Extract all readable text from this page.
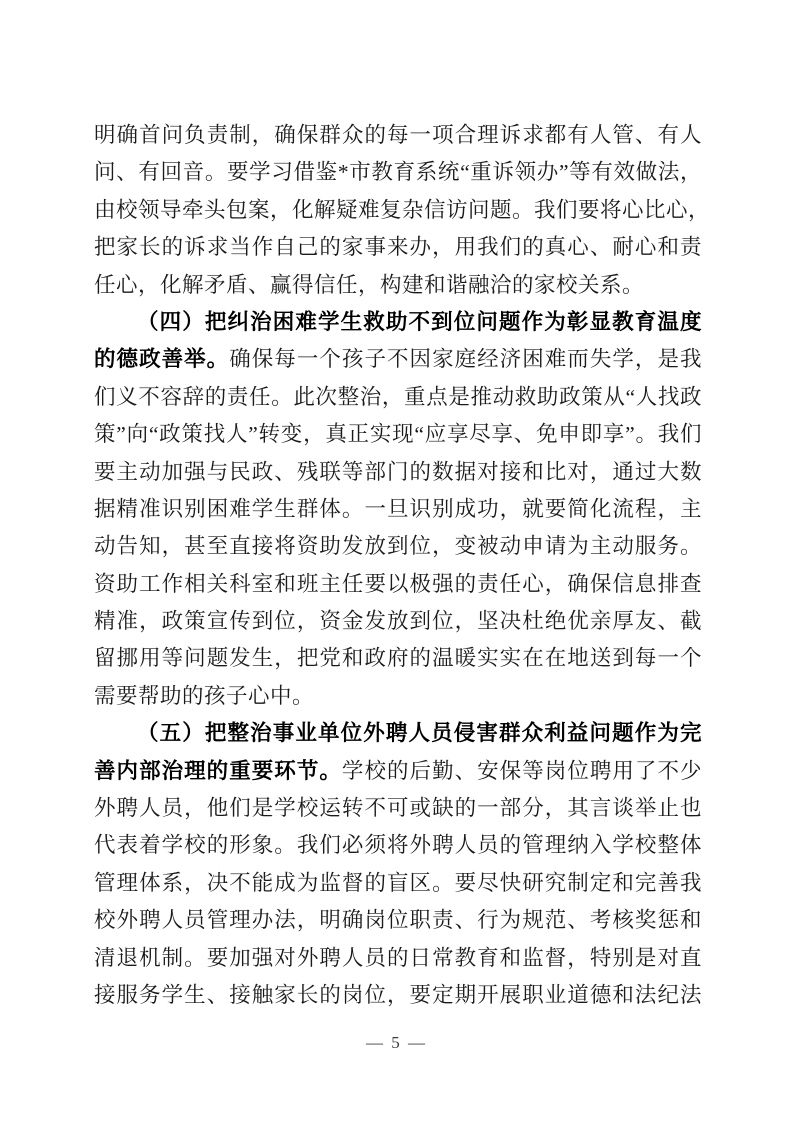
明确首问负责制，确保群众的每一项合理诉求都有人管、有人
问、有回音。要学习借鉴*市教育系统“重诉领办”等有效做法，
由校领导牵头包案，化解疑难复杂信访问题。我们要将心比心，
把家长的诉求当作自己的家事来办，用我们的真心、耐心和责
任心，化解矛盾、赢得信任，构建和谐融洽的家校关系。
（四）把纠治困难学生救助不到位问题作为彰显教育温度
的德政善举。确保每一个孩子不因家庭经济困难而失学，是我
们义不容辞的责任。此次整治，重点是推动救助政策从“人找政
策”向“政策找人”转变，真正实现“应享尽享、免申即享”。我们
要主动加强与民政、残联等部门的数据对接和比对，通过大数
据精准识别困难学生群体。一旦识别成功，就要简化流程，主
动告知，甚至直接将资助发放到位，变被动申请为主动服务。
资助工作相关科室和班主任要以极强的责任心，确保信息排查
精准，政策宣传到位，资金发放到位，坚决杜绝优亲厚友、截
留挪用等问题发生，把党和政府的温暖实实在在地送到每一个
需要帮助的孩子心中。
（五）把整治事业单位外聘人员侵害群众利益问题作为完
善内部治理的重要环节。学校的后勤、安保等岗位聘用了不少
外聘人员，他们是学校运转不可或缺的一部分，其言谈举止也
代表着学校的形象。我们必须将外聘人员的管理纳入学校整体
管理体系，决不能成为监督的盲区。要尽快研究制定和完善我
校外聘人员管理办法，明确岗位职责、行为规范、考核奖惩和
清退机制。要加强对外聘人员的日常教育和监督，特别是对直
接服务学生、接触家长的岗位，要定期开展职业道德和法纪法
— 5 —
